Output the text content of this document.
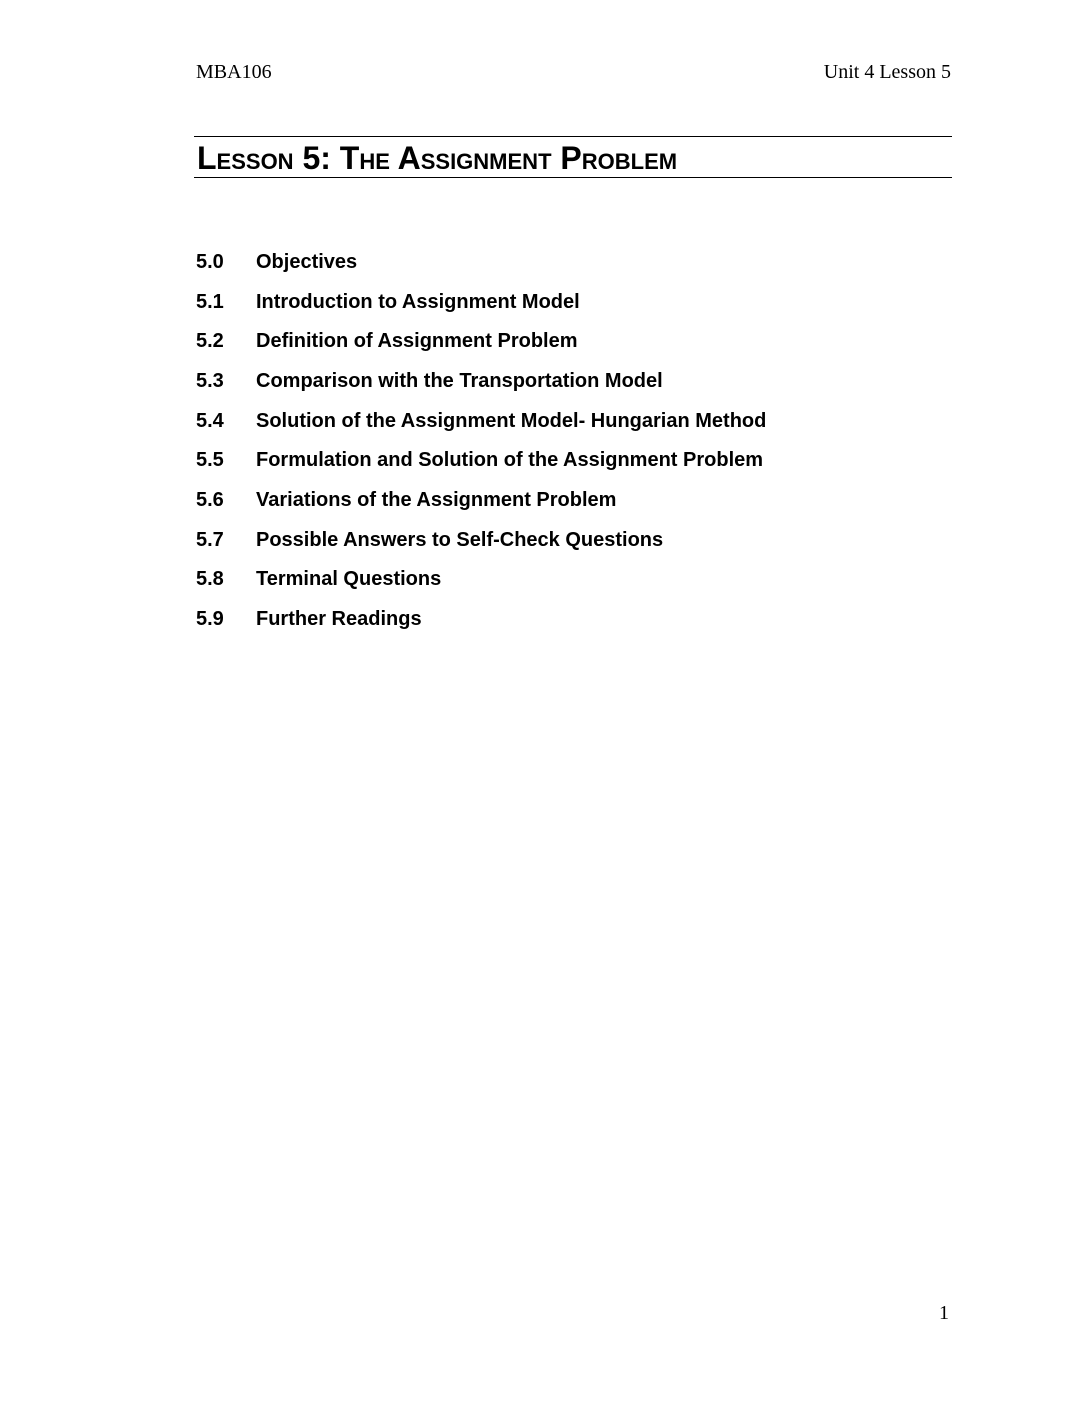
MBA106	Unit 4 Lesson 5
Lesson 5: The Assignment Problem
5.0	Objectives
5.1	Introduction to Assignment Model
5.2	Definition of Assignment Problem
5.3	Comparison with the Transportation Model
5.4	Solution of the Assignment Model- Hungarian Method
5.5	Formulation and Solution of the Assignment Problem
5.6	Variations of the Assignment Problem
5.7	Possible Answers to Self-Check Questions
5.8	Terminal Questions
5.9	Further Readings
1
